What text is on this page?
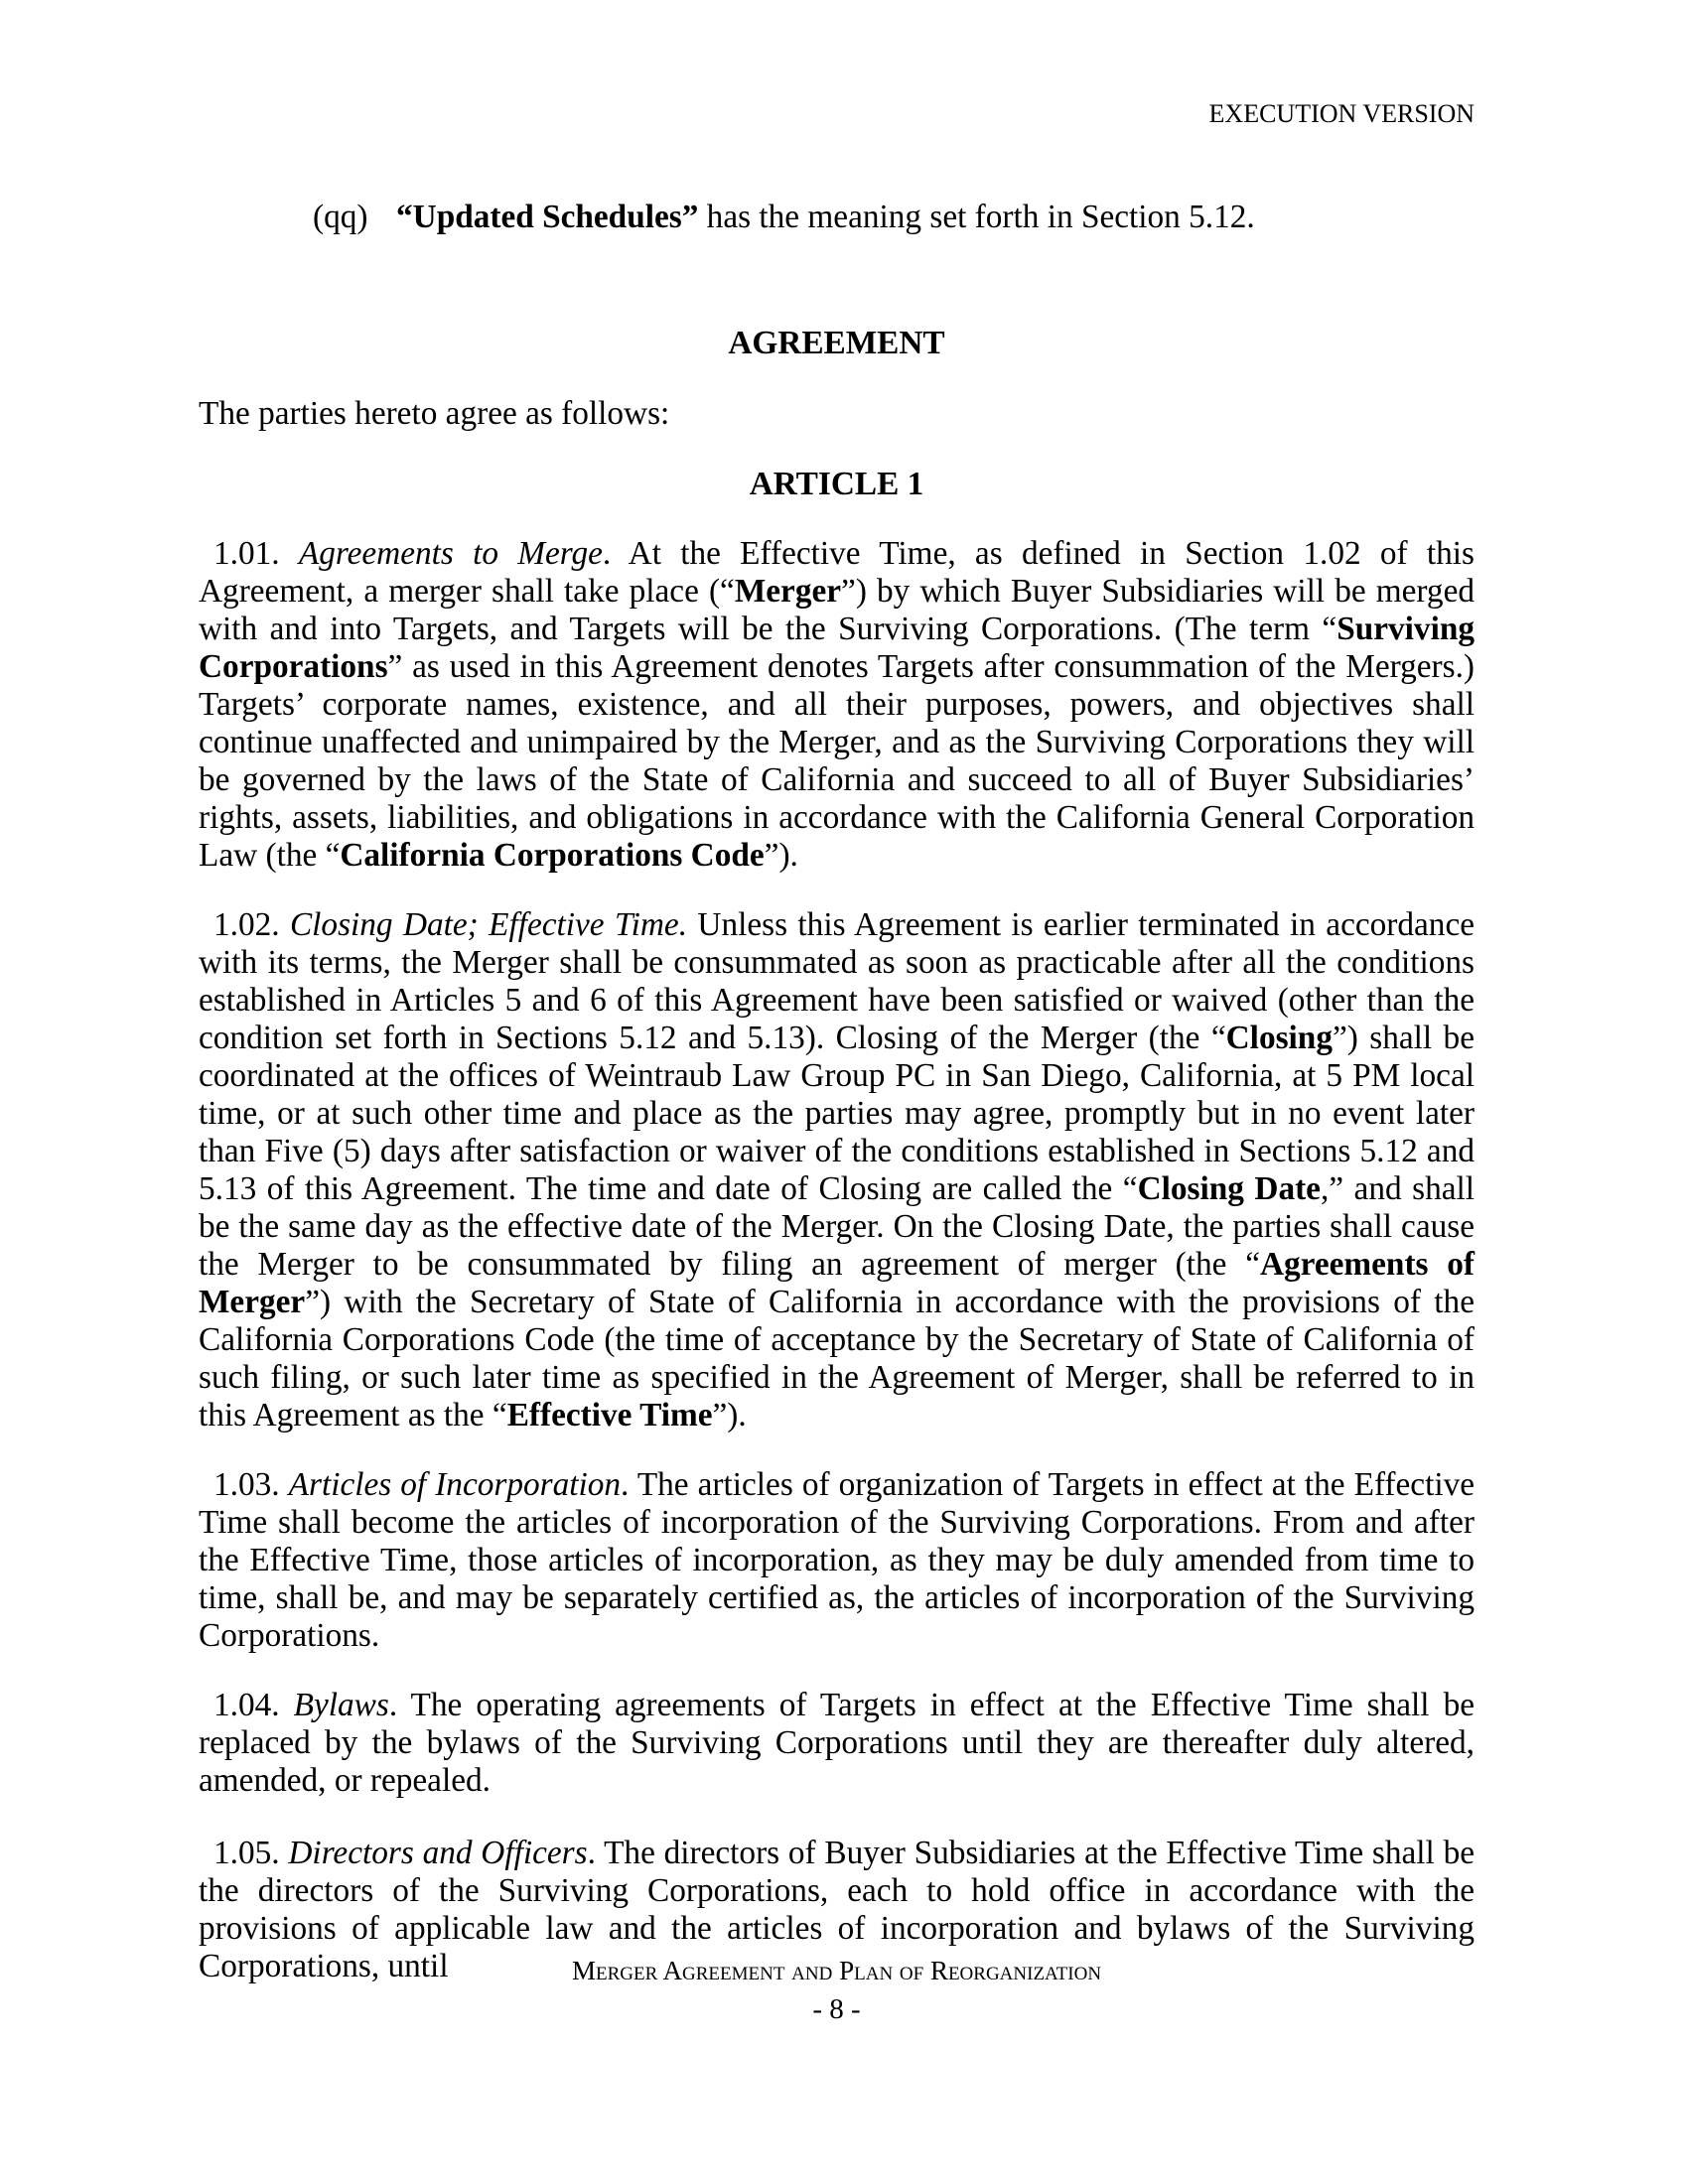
EXECUTION VERSION
(qq) “Updated Schedules” has the meaning set forth in Section 5.12.
AGREEMENT
The parties hereto agree as follows:
ARTICLE 1
1.01. Agreements to Merge. At the Effective Time, as defined in Section 1.02 of this Agreement, a merger shall take place (“Merger”) by which Buyer Subsidiaries will be merged with and into Targets, and Targets will be the Surviving Corporations. (The term “Surviving Corporations” as used in this Agreement denotes Targets after consummation of the Mergers.) Targets’ corporate names, existence, and all their purposes, powers, and objectives shall continue unaffected and unimpaired by the Merger, and as the Surviving Corporations they will be governed by the laws of the State of California and succeed to all of Buyer Subsidiaries’ rights, assets, liabilities, and obligations in accordance with the California General Corporation Law (the “California Corporations Code”).
1.02. Closing Date; Effective Time. Unless this Agreement is earlier terminated in accordance with its terms, the Merger shall be consummated as soon as practicable after all the conditions established in Articles 5 and 6 of this Agreement have been satisfied or waived (other than the condition set forth in Sections 5.12 and 5.13). Closing of the Merger (the “Closing”) shall be coordinated at the offices of Weintraub Law Group PC in San Diego, California, at 5 PM local time, or at such other time and place as the parties may agree, promptly but in no event later than Five (5) days after satisfaction or waiver of the conditions established in Sections 5.12 and 5.13 of this Agreement. The time and date of Closing are called the “Closing Date,” and shall be the same day as the effective date of the Merger. On the Closing Date, the parties shall cause the Merger to be consummated by filing an agreement of merger (the “Agreements of Merger”) with the Secretary of State of California in accordance with the provisions of the California Corporations Code (the time of acceptance by the Secretary of State of California of such filing, or such later time as specified in the Agreement of Merger, shall be referred to in this Agreement as the “Effective Time”).
1.03. Articles of Incorporation. The articles of organization of Targets in effect at the Effective Time shall become the articles of incorporation of the Surviving Corporations. From and after the Effective Time, those articles of incorporation, as they may be duly amended from time to time, shall be, and may be separately certified as, the articles of incorporation of the Surviving Corporations.
1.04. Bylaws. The operating agreements of Targets in effect at the Effective Time shall be replaced by the bylaws of the Surviving Corporations until they are thereafter duly altered, amended, or repealed.
1.05. Directors and Officers. The directors of Buyer Subsidiaries at the Effective Time shall be the directors of the Surviving Corporations, each to hold office in accordance with the provisions of applicable law and the articles of incorporation and bylaws of the Surviving Corporations, until	Merger Agreement and Plan of Reorganization
- 8 -
